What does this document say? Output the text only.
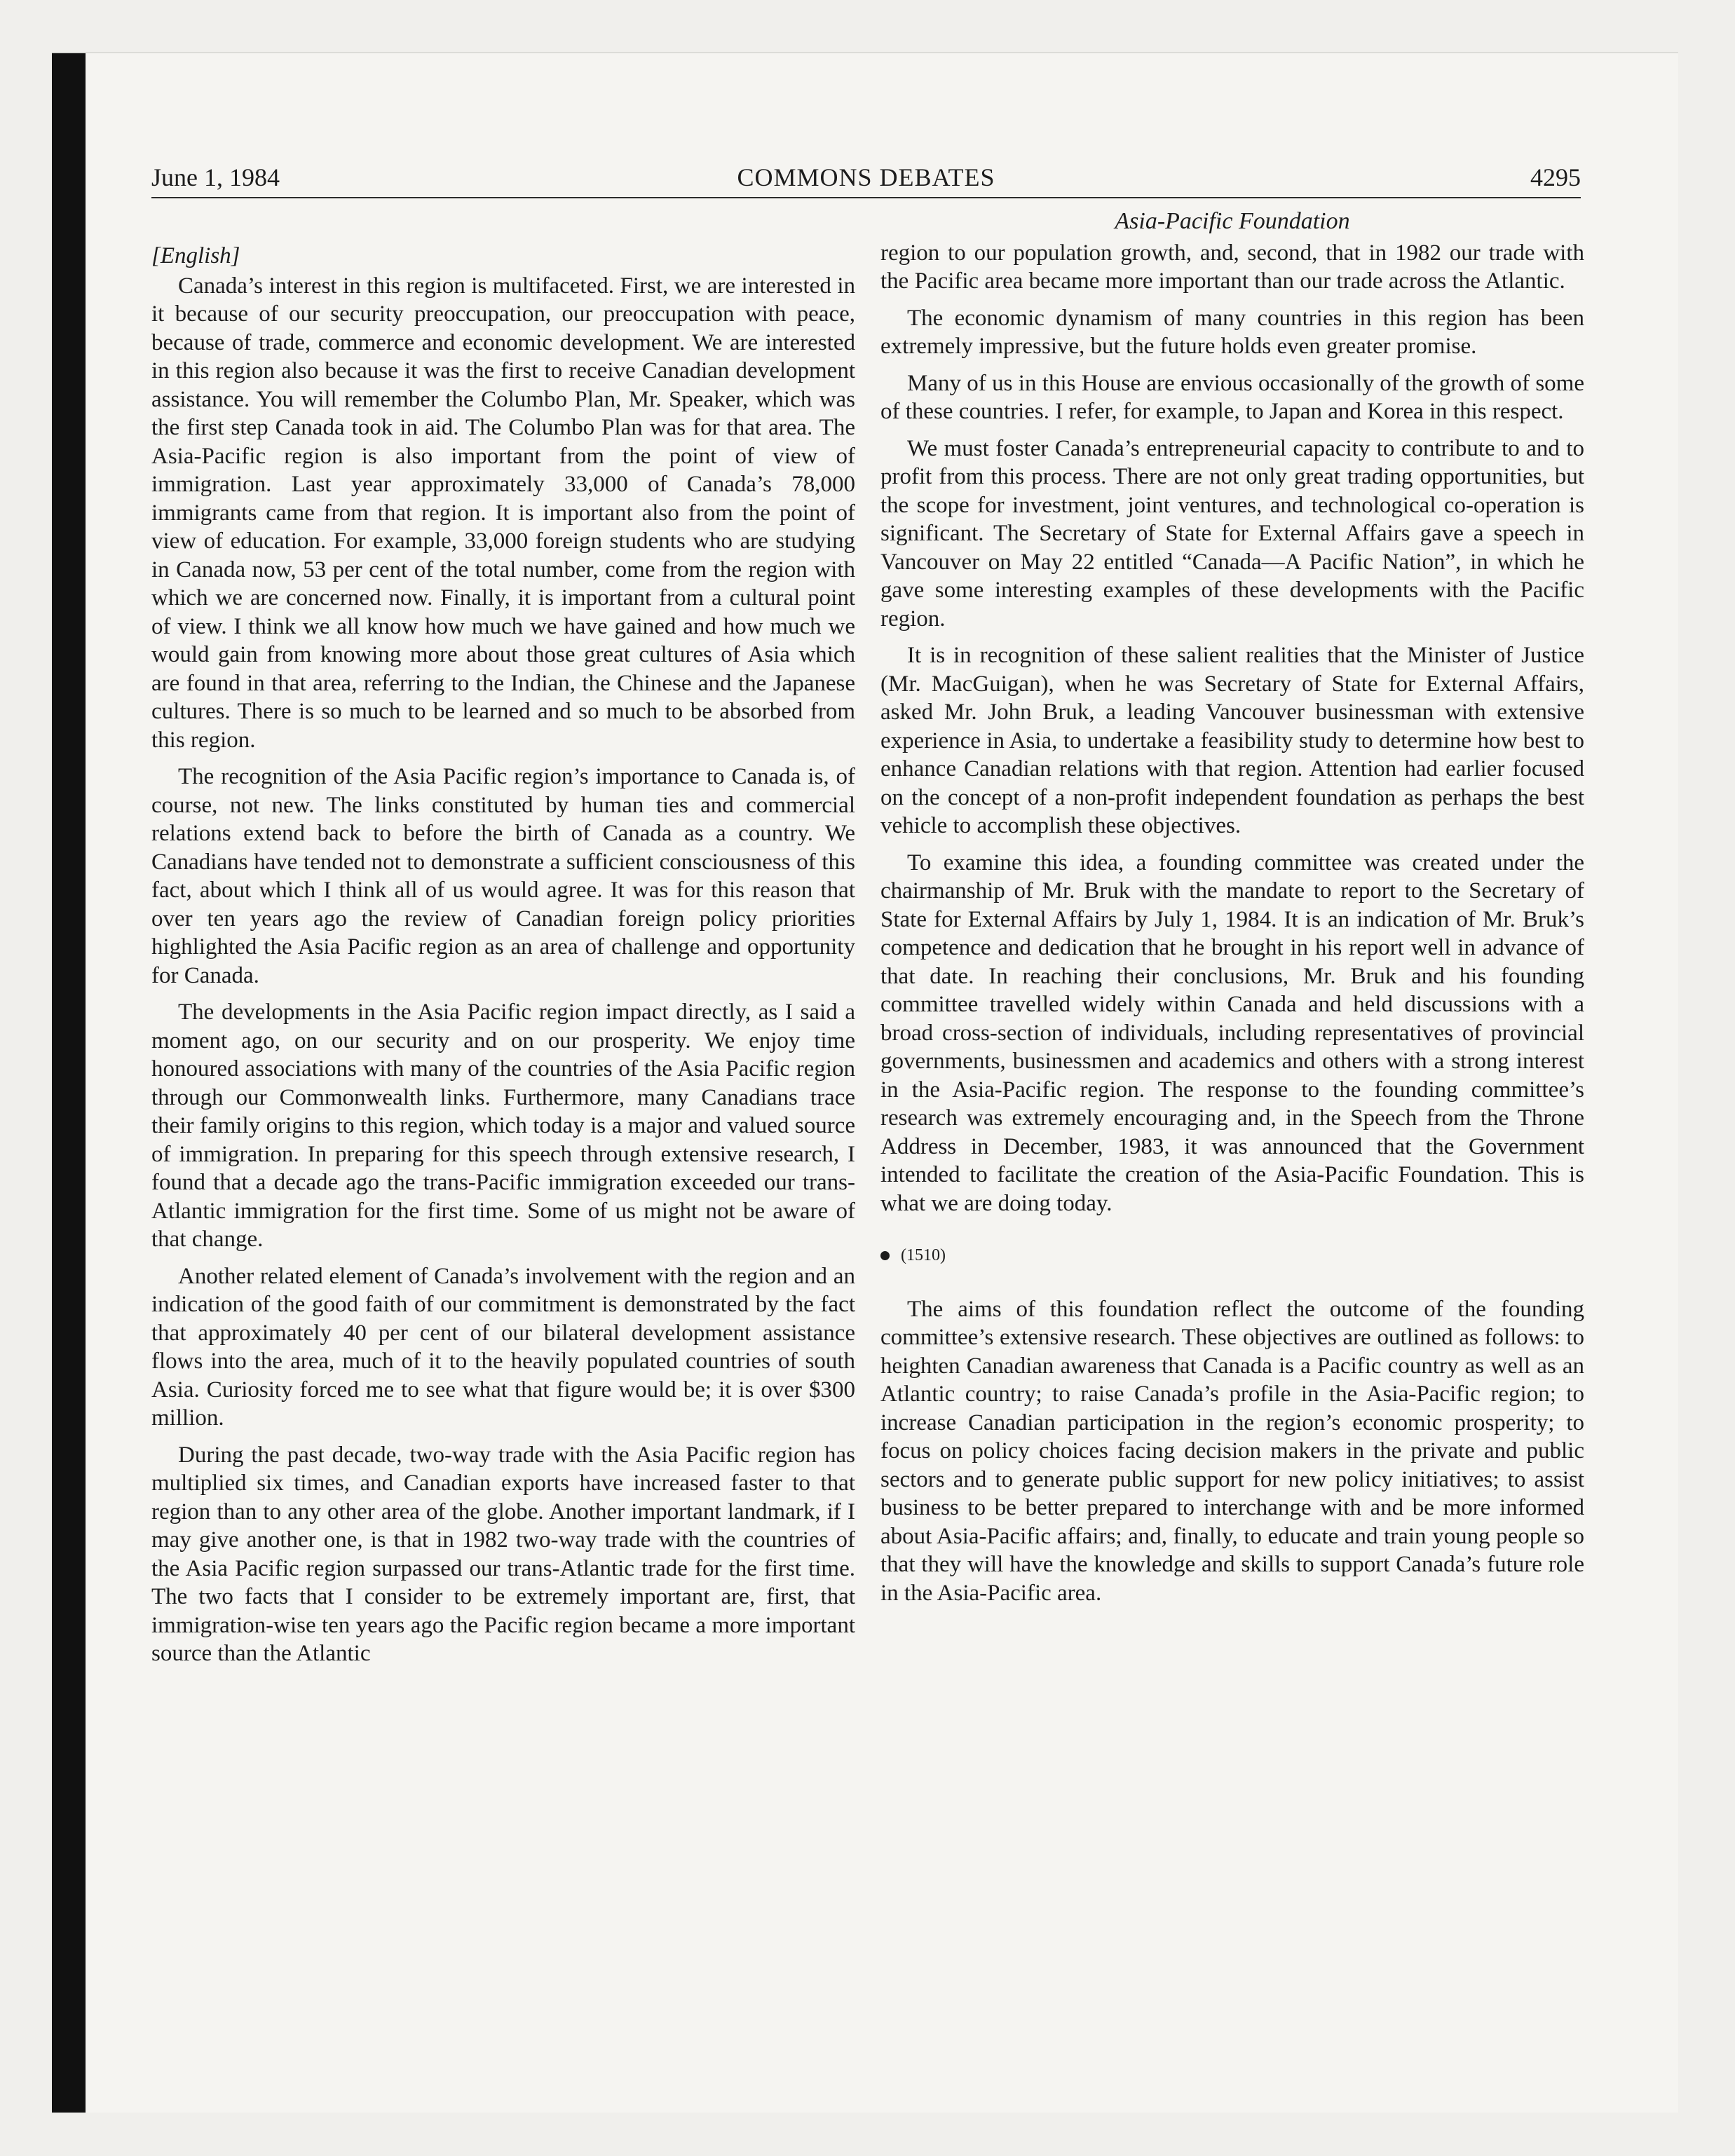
June 1, 1984	COMMONS DEBATES	4295

[English]

Canada’s interest in this region is multifaceted. First, we are interested in it because of our security preoccupation, our preoccupation with peace, because of trade, commerce and economic development. We are interested in this region also because it was the first to receive Canadian development assistance. You will remember the Columbo Plan, Mr. Speaker, which was the first step Canada took in aid. The Columbo Plan was for that area. The Asia-Pacific region is also important from the point of view of immigration. Last year approximately 33,000 of Canada’s 78,000 immigrants came from that region. It is important also from the point of view of education. For example, 33,000 foreign students who are studying in Canada now, 53 per cent of the total number, come from the region with which we are concerned now. Finally, it is important from a cultural point of view. I think we all know how much we have gained and how much we would gain from knowing more about those great cultures of Asia which are found in that area, referring to the Indian, the Chinese and the Japanese cultures. There is so much to be learned and so much to be absorbed from this region.

The recognition of the Asia Pacific region’s importance to Canada is, of course, not new. The links constituted by human ties and commercial relations extend back to before the birth of Canada as a country. We Canadians have tended not to demonstrate a sufficient consciousness of this fact, about which I think all of us would agree. It was for this reason that over ten years ago the review of Canadian foreign policy priorities highlighted the Asia Pacific region as an area of challenge and opportunity for Canada.

The developments in the Asia Pacific region impact directly, as I said a moment ago, on our security and on our prosperity. We enjoy time honoured associations with many of the countries of the Asia Pacific region through our Commonwealth links. Furthermore, many Canadians trace their family origins to this region, which today is a major and valued source of immigration. In preparing for this speech through extensive research, I found that a decade ago the trans-Pacific immigration exceeded our trans-Atlantic immigration for the first time. Some of us might not be aware of that change.

Another related element of Canada’s involvement with the region and an indication of the good faith of our commitment is demonstrated by the fact that approximately 40 per cent of our bilateral development assistance flows into the area, much of it to the heavily populated countries of south Asia. Curiosity forced me to see what that figure would be; it is over $300 million.

During the past decade, two-way trade with the Asia Pacific region has multiplied six times, and Canadian exports have increased faster to that region than to any other area of the globe. Another important landmark, if I may give another one, is that in 1982 two-way trade with the countries of the Asia Pacific region surpassed our trans-Atlantic trade for the first time. The two facts that I consider to be extremely important are, first, that immigration-wise ten years ago the Pacific region became a more important source than the Atlantic

Asia-Pacific Foundation

region to our population growth, and, second, that in 1982 our trade with the Pacific area became more important than our trade across the Atlantic.

The economic dynamism of many countries in this region has been extremely impressive, but the future holds even greater promise.

Many of us in this House are envious occasionally of the growth of some of these countries. I refer, for example, to Japan and Korea in this respect.

We must foster Canada’s entrepreneurial capacity to contribute to and to profit from this process. There are not only great trading opportunities, but the scope for investment, joint ventures, and technological co-operation is significant. The Secretary of State for External Affairs gave a speech in Vancouver on May 22 entitled “Canada—A Pacific Nation”, in which he gave some interesting examples of these developments with the Pacific region.

It is in recognition of these salient realities that the Minister of Justice (Mr. MacGuigan), when he was Secretary of State for External Affairs, asked Mr. John Bruk, a leading Vancouver businessman with extensive experience in Asia, to undertake a feasibility study to determine how best to enhance Canadian relations with that region. Attention had earlier focused on the concept of a non-profit independent foundation as perhaps the best vehicle to accomplish these objectives.

To examine this idea, a founding committee was created under the chairmanship of Mr. Bruk with the mandate to report to the Secretary of State for External Affairs by July 1, 1984. It is an indication of Mr. Bruk’s competence and dedication that he brought in his report well in advance of that date. In reaching their conclusions, Mr. Bruk and his founding committee travelled widely within Canada and held discussions with a broad cross-section of individuals, including representatives of provincial governments, businessmen and academics and others with a strong interest in the Asia-Pacific region. The response to the founding committee’s research was extremely encouraging and, in the Speech from the Throne Address in December, 1983, it was announced that the Government intended to facilitate the creation of the Asia-Pacific Foundation. This is what we are doing today.

(1510)

The aims of this foundation reflect the outcome of the founding committee’s extensive research. These objectives are outlined as follows: to heighten Canadian awareness that Canada is a Pacific country as well as an Atlantic country; to raise Canada’s profile in the Asia-Pacific region; to increase Canadian participation in the region’s economic prosperity; to focus on policy choices facing decision makers in the private and public sectors and to generate public support for new policy initiatives; to assist business to be better prepared to interchange with and be more informed about Asia-Pacific affairs; and, finally, to educate and train young people so that they will have the knowledge and skills to support Canada’s future role in the Asia-Pacific area.
